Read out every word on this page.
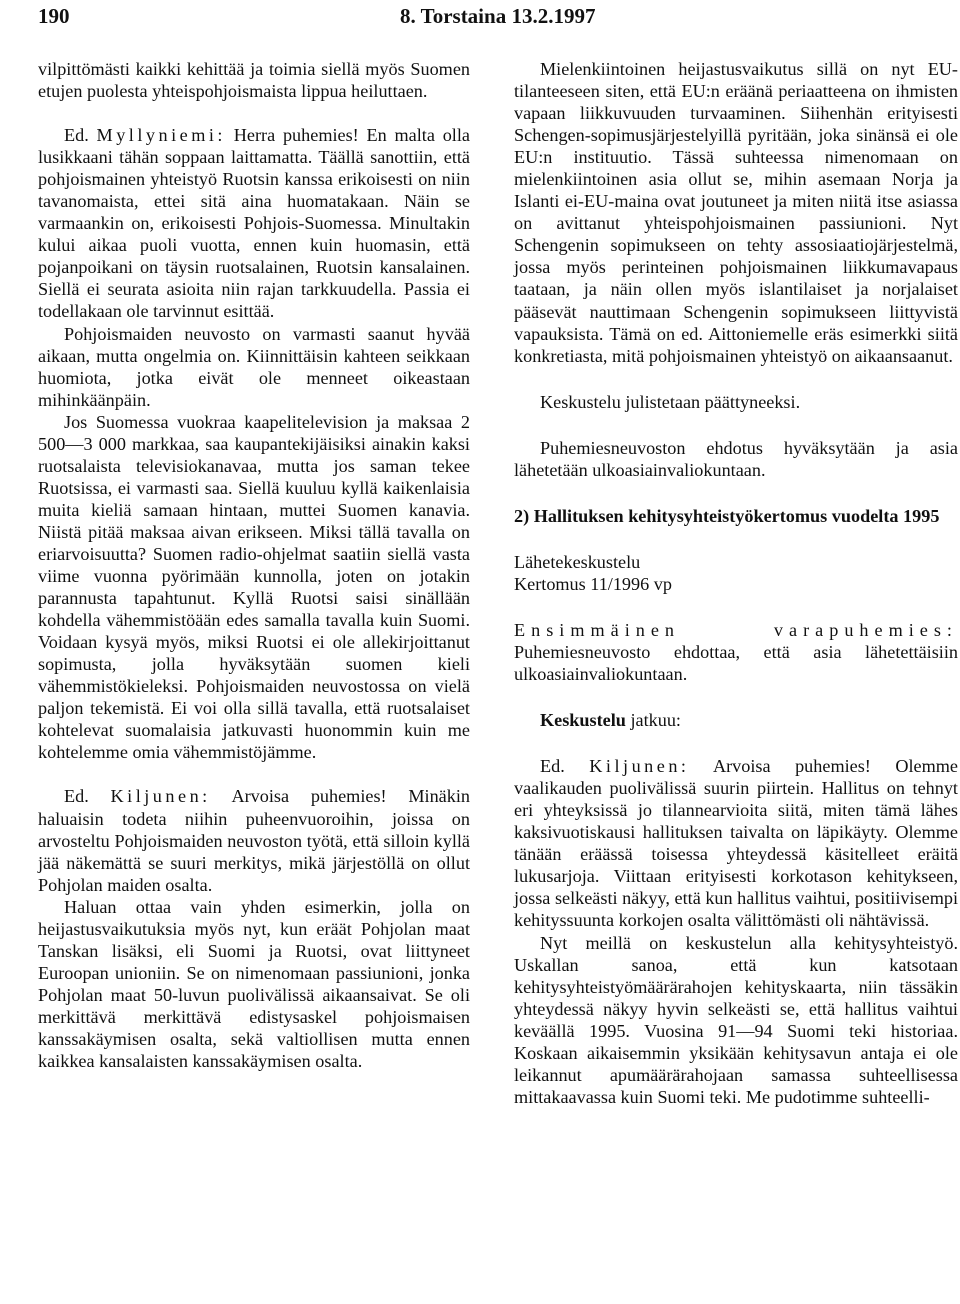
190	8. Torstaina 13.2.1997

vilpittömästi kaikki kehittää ja toimia siellä myös Suomen etujen puolesta yhteispohjoismaista lippua heiluttaen.

Ed. Myllyniemi: Herra puhemies! En malta olla lusikkaani tähän soppaan laittamatta. Täällä sanottiin, että pohjoismainen yhteistyö Ruotsin kanssa erikoisesti on niin tavanomaista, ettei sitä aina huomatakaan. Näin se varmaankin on, erikoisesti Pohjois-Suomessa. Minultakin kului aikaa puoli vuotta, ennen kuin huomasin, että pojanpoikani on täysin ruotsalainen, Ruotsin kansalainen. Siellä ei seurata asioita niin rajan tarkkuudella. Passia ei todellakaan ole tarvinnut esittää.

Pohjoismaiden neuvosto on varmasti saanut hyvää aikaan, mutta ongelmia on. Kiinnittäisin kahteen seikkaan huomiota, jotka eivät ole menneet oikeastaan mihinkäänpäin.

Jos Suomessa vuokraa kaapelitelevision ja maksaa 2 500—3 000 markkaa, saa kaupantekijäisiksi ainakin kaksi ruotsalaista televisiokanavaa, mutta jos saman tekee Ruotsissa, ei varmasti saa. Siellä kuuluu kyllä kaikenlaisia muita kieliä samaan hintaan, muttei Suomen kanavia. Niistä pitää maksaa aivan erikseen. Miksi tällä tavalla on eriarvoisuutta? Suomen radio-ohjelmat saatiin siellä vasta viime vuonna pyörimään kunnolla, joten on jotakin parannusta tapahtunut. Kyllä Ruotsi saisi sinällään kohdella vähemmistöään edes samalla tavalla kuin Suomi. Voidaan kysyä myös, miksi Ruotsi ei ole allekirjoittanut sopimusta, jolla hyväksytään suomen kieli vähemmistökieleksi. Pohjoismaiden neuvostossa on vielä paljon tekemistä. Ei voi olla sillä tavalla, että ruotsalaiset kohtelevat suomalaisia jatkuvasti huonommin kuin me kohtelemme omia vähemmistöjämme.

Ed. Kiljunen: Arvoisa puhemies! Minäkin haluaisin todeta niihin puheenvuoroihin, joissa on arvosteltu Pohjoismaiden neuvoston työtä, että silloin kyllä jää näkemättä se suuri merkitys, mikä järjestöllä on ollut Pohjolan maiden osalta.

Haluan ottaa vain yhden esimerkin, jolla on heijastusvaikutuksia myös nyt, kun eräät Pohjolan maat Tanskan lisäksi, eli Suomi ja Ruotsi, ovat liittyneet Euroopan unioniin. Se on nimenomaan passiunioni, jonka Pohjolan maat 50-luvun puolivälissä aikaansaivat. Se oli merkittävä merkittävä edistysaskel pohjoismaisen kanssakäymisen osalta, sekä valtiollisen mutta ennen kaikkea kansalaisten kanssakäymisen osalta.

Mielenkiintoinen heijastusvaikutus sillä on nyt EU-tilanteeseen siten, että EU:n eräänä periaatteena on ihmisten vapaan liikkuvuuden turvaaminen. Siihenhän erityisesti Schengen-sopimusjärjestelyillä pyritään, joka sinänsä ei ole EU:n instituutio. Tässä suhteessa nimenomaan on mielenkiintoinen asia ollut se, mihin asemaan Norja ja Islanti ei-EU-maina ovat joutuneet ja miten niitä itse asiassa on avittanut yhteispohjoismainen passiunioni. Nyt Schengenin sopimukseen on tehty assosiaatiojärjestelmä, jossa myös perinteinen pohjoismainen liikkumavapaus taataan, ja näin ollen myös islantilaiset ja norjalaiset pääsevät nauttimaan Schengenin sopimukseen liittyvistä vapauksista. Tämä on ed. Aittoniemelle eräs esimerkki siitä konkretiasta, mitä pohjoismainen yhteistyö on aikaansaanut.

Keskustelu julistetaan päättyneeksi.

Puhemiesneuvoston ehdotus hyväksytään ja asia lähetetään ulkoasiainvaliokuntaan.

2) Hallituksen kehitysyhteistyökertomus vuodelta 1995

Lähetekeskustelu

Kertomus 11/1996 vp

Ensimmäinen varapuhemies: Puhemiesneuvosto ehdottaa, että asia lähetettäisiin ulkoasiainvaliokuntaan.

Keskustelu jatkuu:

Ed. Kiljunen: Arvoisa puhemies! Olemme vaalikauden puolivälissä suurin piirtein. Hallitus on tehnyt eri yhteyksissä jo tilannearvioita siitä, miten tämä lähes kaksivuotiskausi hallituksen taivalta on läpikäyty. Olemme tänään eräässä toisessa yhteydessä käsitelleet eräitä lukusarjoja. Viittaan erityisesti korkotason kehitykseen, jossa selkeästi näkyy, että kun hallitus vaihtui, positiivisempi kehityssuunta korkojen osalta välittömästi oli nähtävissä.

Nyt meillä on keskustelun alla kehitysyhteistyö. Uskallan sanoa, että kun katsotaan kehitysyhteistyömäärärahojen kehityskaarta, niin tässäkin yhteydessä näkyy hyvin selkeästi se, että hallitus vaihtui keväällä 1995. Vuosina 91—94 Suomi teki historiaa. Koskaan aikaisemmin yksikään kehitysavun antaja ei ole leikannut apumäärärahojaan samassa suhteellisessa mittakaavassa kuin Suomi teki. Me pudotimme suhteelli-
